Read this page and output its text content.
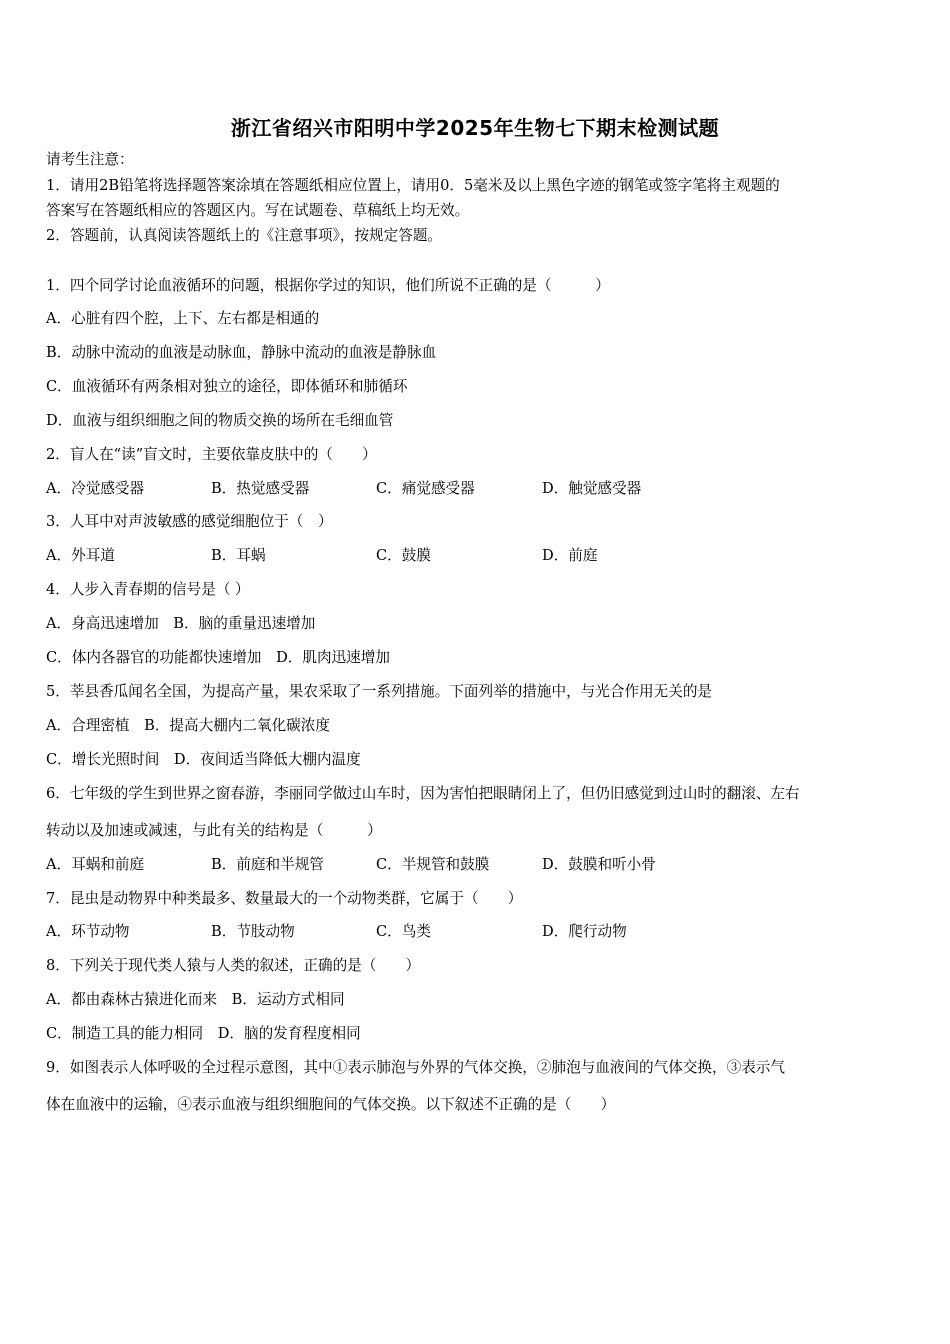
浙江省绍兴市阳明中学2025年生物七下期末检测试题
请考生注意：
1．请用2B铅笔将选择题答案涂填在答题纸相应位置上，请用0．5毫米及以上黑色字迹的钢笔或签字笔将主观题的
答案写在答题纸相应的答题区内。写在试题卷、草稿纸上均无效。
2．答题前，认真阅读答题纸上的《注意事项》，按规定答题。
1．四个同学讨论血液循环的问题，根据你学过的知识，他们所说不正确的是（　　　）
A．心脏有四个腔，上下、左右都是相通的
B．动脉中流动的血液是动脉血，静脉中流动的血液是静脉血
C．血液循环有两条相对独立的途径，即体循环和肺循环
D．血液与组织细胞之间的物质交换的场所在毛细血管
2．盲人在“读”盲文时，主要依靠皮肤中的（　　）
A．冷觉感受器	B．热觉感受器	C．痛觉感受器	D．触觉感受器
3．人耳中对声波敏感的感觉细胞位于（　）
A．外耳道	B．耳蜗	C．鼓膜	D．前庭
4．人步入青春期的信号是（ ）
A．身高迅速增加　B．脑的重量迅速增加
C．体内各器官的功能都快速增加　D．肌肉迅速增加
5．莘县香瓜闻名全国，为提高产量，果农采取了一系列措施。下面列举的措施中，与光合作用无关的是
A．合理密植　B．提高大棚内二氧化碳浓度
C．增长光照时间　D．夜间适当降低大棚内温度
6．七年级的学生到世界之窗春游，李丽同学做过山车时，因为害怕把眼睛闭上了，但仍旧感觉到过山时的翻滚、左右
转动以及加速或减速，与此有关的结构是（　　　）
A．耳蜗和前庭	B．前庭和半规管	C．半规管和鼓膜	D．鼓膜和听小骨
7．昆虫是动物界中种类最多、数量最大的一个动物类群，它属于（　　）
A．环节动物	B．节肢动物	C．鸟类	D．爬行动物
8．下列关于现代类人猿与人类的叙述，正确的是（　　）
A．都由森林古猿进化而来　B．运动方式相同
C．制造工具的能力相同　D．脑的发育程度相同
9．如图表示人体呼吸的全过程示意图，其中①表示肺泡与外界的气体交换，②肺泡与血液间的气体交换，③表示气
体在血液中的运输，④表示血液与组织细胞间的气体交换。以下叙述不正确的是（　　）
